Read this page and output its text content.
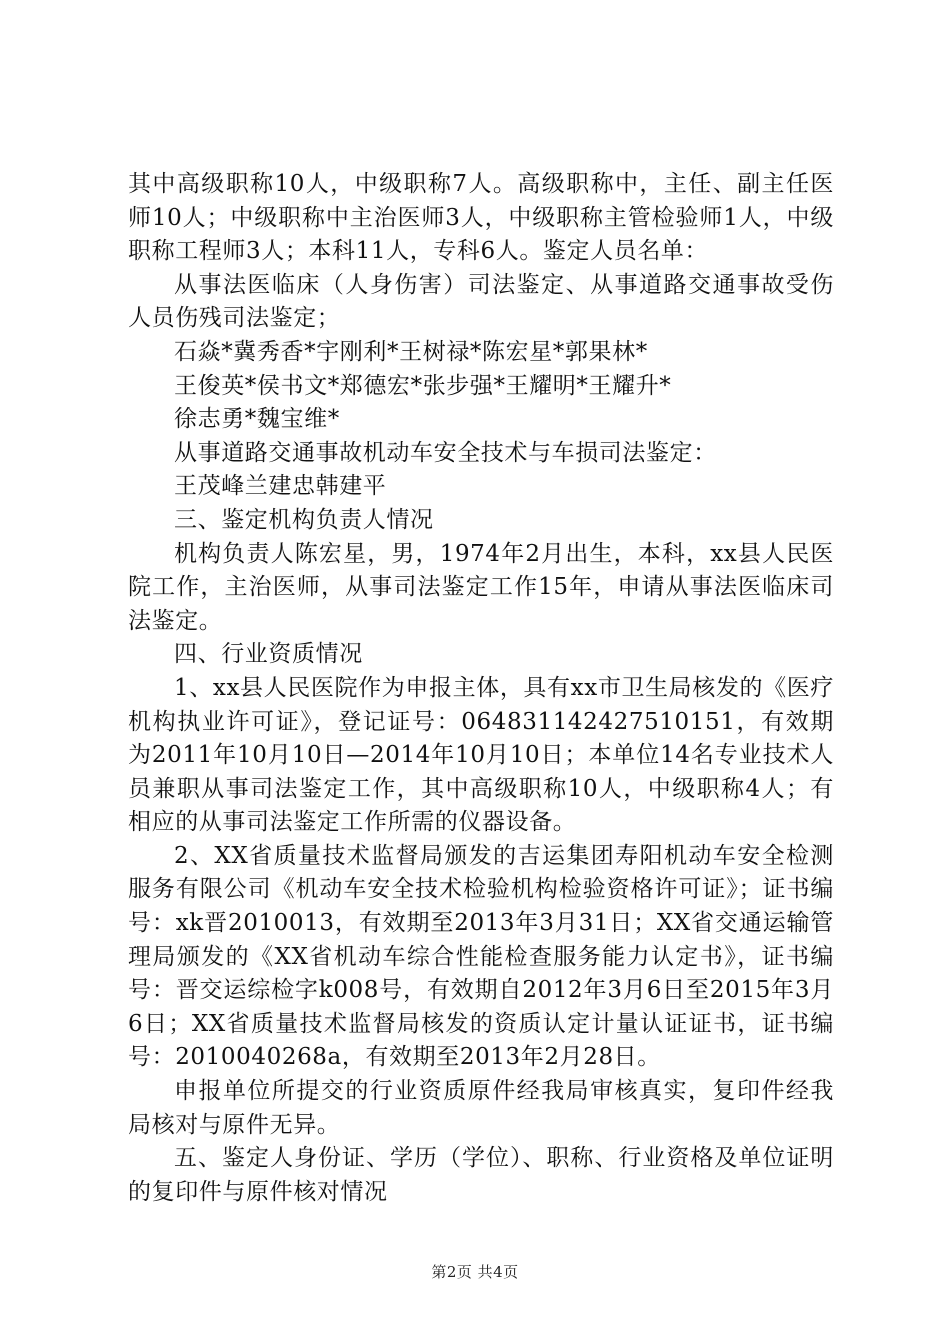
其中高级职称10人，中级职称7人。高级职称中，主任、副主任医师10人；中级职称中主治医师3人，中级职称主管检验师1人，中级职称工程师3人；本科11人，专科6人。鉴定人员名单：

从事法医临床（人身伤害）司法鉴定、从事道路交通事故受伤人员伤残司法鉴定；

石焱*冀秀香*宇刚利*王树禄*陈宏星*郭果林*

王俊英*侯书文*郑德宏*张步强*王耀明*王耀升*

徐志勇*魏宝维*

从事道路交通事故机动车安全技术与车损司法鉴定：

王茂峰兰建忠韩建平

三、鉴定机构负责人情况

机构负责人陈宏星，男，1974年2月出生，本科，xx县人民医院工作，主治医师，从事司法鉴定工作15年，申请从事法医临床司法鉴定。

四、行业资质情况

1、xx县人民医院作为申报主体，具有xx市卫生局核发的《医疗机构执业许可证》，登记证号：064831142427510151，有效期为2011年10月10日—2014年10月10日；本单位14名专业技术人员兼职从事司法鉴定工作，其中高级职称10人，中级职称4人；有相应的从事司法鉴定工作所需的仪器设备。

2、XX省质量技术监督局颁发的吉运集团寿阳机动车安全检测服务有限公司《机动车安全技术检验机构检验资格许可证》；证书编号：xk晋2010013，有效期至2013年3月31日；XX省交通运输管理局颁发的《XX省机动车综合性能检查服务能力认定书》，证书编号：晋交运综检字k008号，有效期自2012年3月6日至2015年3月6日；XX省质量技术监督局核发的资质认定计量认证证书，证书编号：2010040268a，有效期至2013年2月28日。

申报单位所提交的行业资质原件经我局审核真实，复印件经我局核对与原件无异。

五、鉴定人身份证、学历（学位）、职称、行业资格及单位证明的复印件与原件核对情况

第2页 共4页
